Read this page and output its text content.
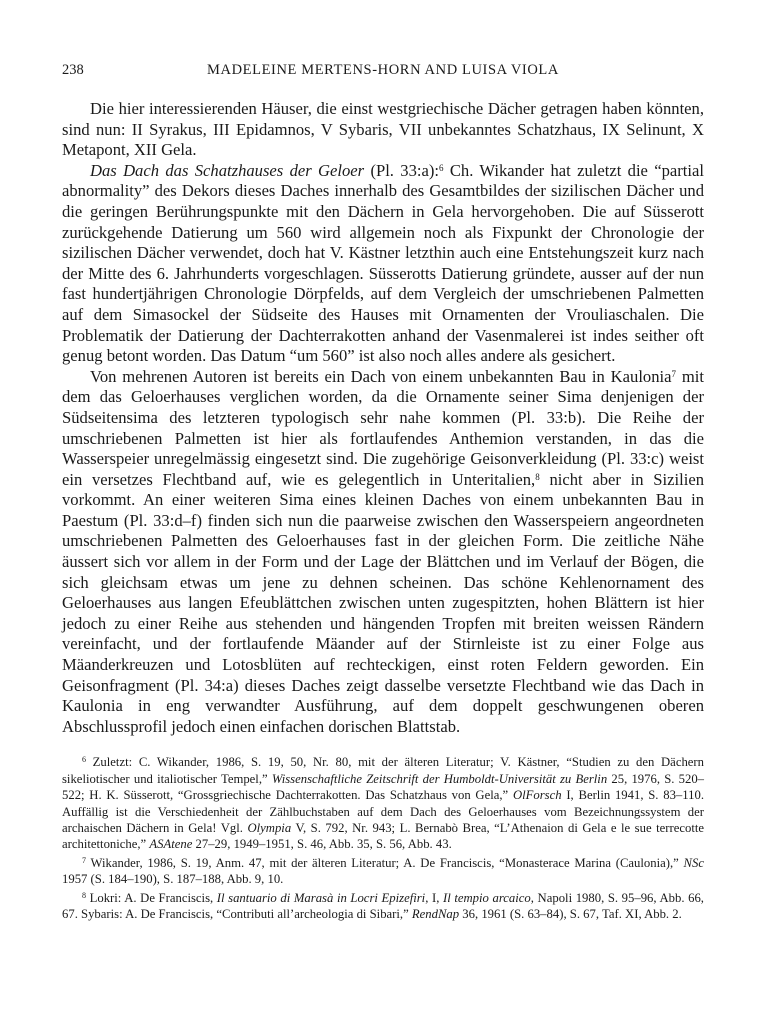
238	MADELEINE MERTENS-HORN AND LUISA VIOLA

Die hier interessierenden Häuser, die einst westgriechische Dächer getragen haben könnten, sind nun: II Syrakus, III Epidamnos, V Sybaris, VII unbekanntes Schatzhaus, IX Selinunt, X Metapont, XII Gela.

Das Dach das Schatzhauses der Geloer (Pl. 33:a):$^6$ Ch. Wikander hat zuletzt die “partial abnormality” des Dekors dieses Daches innerhalb des Gesamtbildes der sizilischen Dächer und die geringen Berührungspunkte mit den Dächern in Gela hervorgehoben. Die auf Süsserott zurückgehende Datierung um 560 wird allgemein noch als Fixpunkt der Chronologie der sizilischen Dächer verwendet, doch hat V. Kästner letzthin auch eine Entstehungszeit kurz nach der Mitte des 6. Jahrhunderts vorgeschlagen. Süsserotts Datierung gründete, ausser auf der nun fast hundertjährigen Chronologie Dörpfelds, auf dem Vergleich der umschriebenen Palmetten auf dem Simasockel der Südseite des Hauses mit Ornamenten der Vrouliaschalen. Die Problematik der Datierung der Dachterrakotten anhand der Vasenmalerei ist indes seither oft genug betont worden. Das Datum “um 560” ist also noch alles andere als gesichert.

Von mehrenen Autoren ist bereits ein Dach von einem unbekannten Bau in Kaulonia$^7$ mit dem das Geloerhauses verglichen worden, da die Ornamente seiner Sima denjenigen der Südseitensima des letzteren typologisch sehr nahe kommen (Pl. 33:b). Die Reihe der umschriebenen Palmetten ist hier als fortlaufendes Anthemion verstanden, in das die Wasserspeier unregelmässig eingesetzt sind. Die zugehörige Geisonverkleidung (Pl. 33:c) weist ein versetzes Flechtband auf, wie es gelegentlich in Unteritalien,$^8$ nicht aber in Sizilien vorkommt. An einer weiteren Sima eines kleinen Daches von einem unbekannten Bau in Paestum (Pl. 33:d–f) finden sich nun die paarweise zwischen den Wasserspeiern angeordneten umschriebenen Palmetten des Geloerhauses fast in der gleichen Form. Die zeitliche Nähe äussert sich vor allem in der Form und der Lage der Blättchen und im Verlauf der Bögen, die sich gleichsam etwas um jene zu dehnen scheinen. Das schöne Kehlenornament des Geloerhauses aus langen Efeublättchen zwischen unten zugespitzten, hohen Blättern ist hier jedoch zu einer Reihe aus stehenden und hängenden Tropfen mit breiten weissen Rändern vereinfacht, und der fortlaufende Mäander auf der Stirnleiste ist zu einer Folge aus Mäanderkreuzen und Lotosblüten auf rechteckigen, einst roten Feldern geworden. Ein Geisonfragment (Pl. 34:a) dieses Daches zeigt dasselbe versetzte Flechtband wie das Dach in Kaulonia in eng verwandter Ausführung, auf dem doppelt geschwungenen oberen Abschlussprofil jedoch einen einfachen dorischen Blattstab.

$^6$ Zuletzt: C. Wikander, 1986, S. 19, 50, Nr. 80, mit der älteren Literatur; V. Kästner, “Studien zu den Dächern sikeliotischer und italiotischer Tempel,” Wissenschaftliche Zeitschrift der Humboldt-Universität zu Berlin 25, 1976, S. 520–522; H. K. Süsserott, “Grossgriechische Dachterrakotten. Das Schatzhaus von Gela,” OlForsch I, Berlin 1941, S. 83–110. Auffällig ist die Verschiedenheit der Zählbuchstaben auf dem Dach des Geloerhauses vom Bezeichnungssystem der archaischen Dächern in Gela! Vgl. Olympia V, S. 792, Nr. 943; L. Bernabò Brea, “L’Athenaion di Gela e le sue terrecotte architettoniche,” ASAtene 27–29, 1949–1951, S. 46, Abb. 35, S. 56, Abb. 43.

$^7$ Wikander, 1986, S. 19, Anm. 47, mit der älteren Literatur; A. De Franciscis, “Monasterace Marina (Caulonia),” NSc 1957 (S. 184–190), S. 187–188, Abb. 9, 10.

$^8$ Lokri: A. De Franciscis, Il santuario di Marasà in Locri Epizefiri, I, Il tempio arcaico, Napoli 1980, S. 95–96, Abb. 66, 67. Sybaris: A. De Franciscis, “Contributi all’archeologia di Sibari,” RendNap 36, 1961 (S. 63–84), S. 67, Taf. XI, Abb. 2.
